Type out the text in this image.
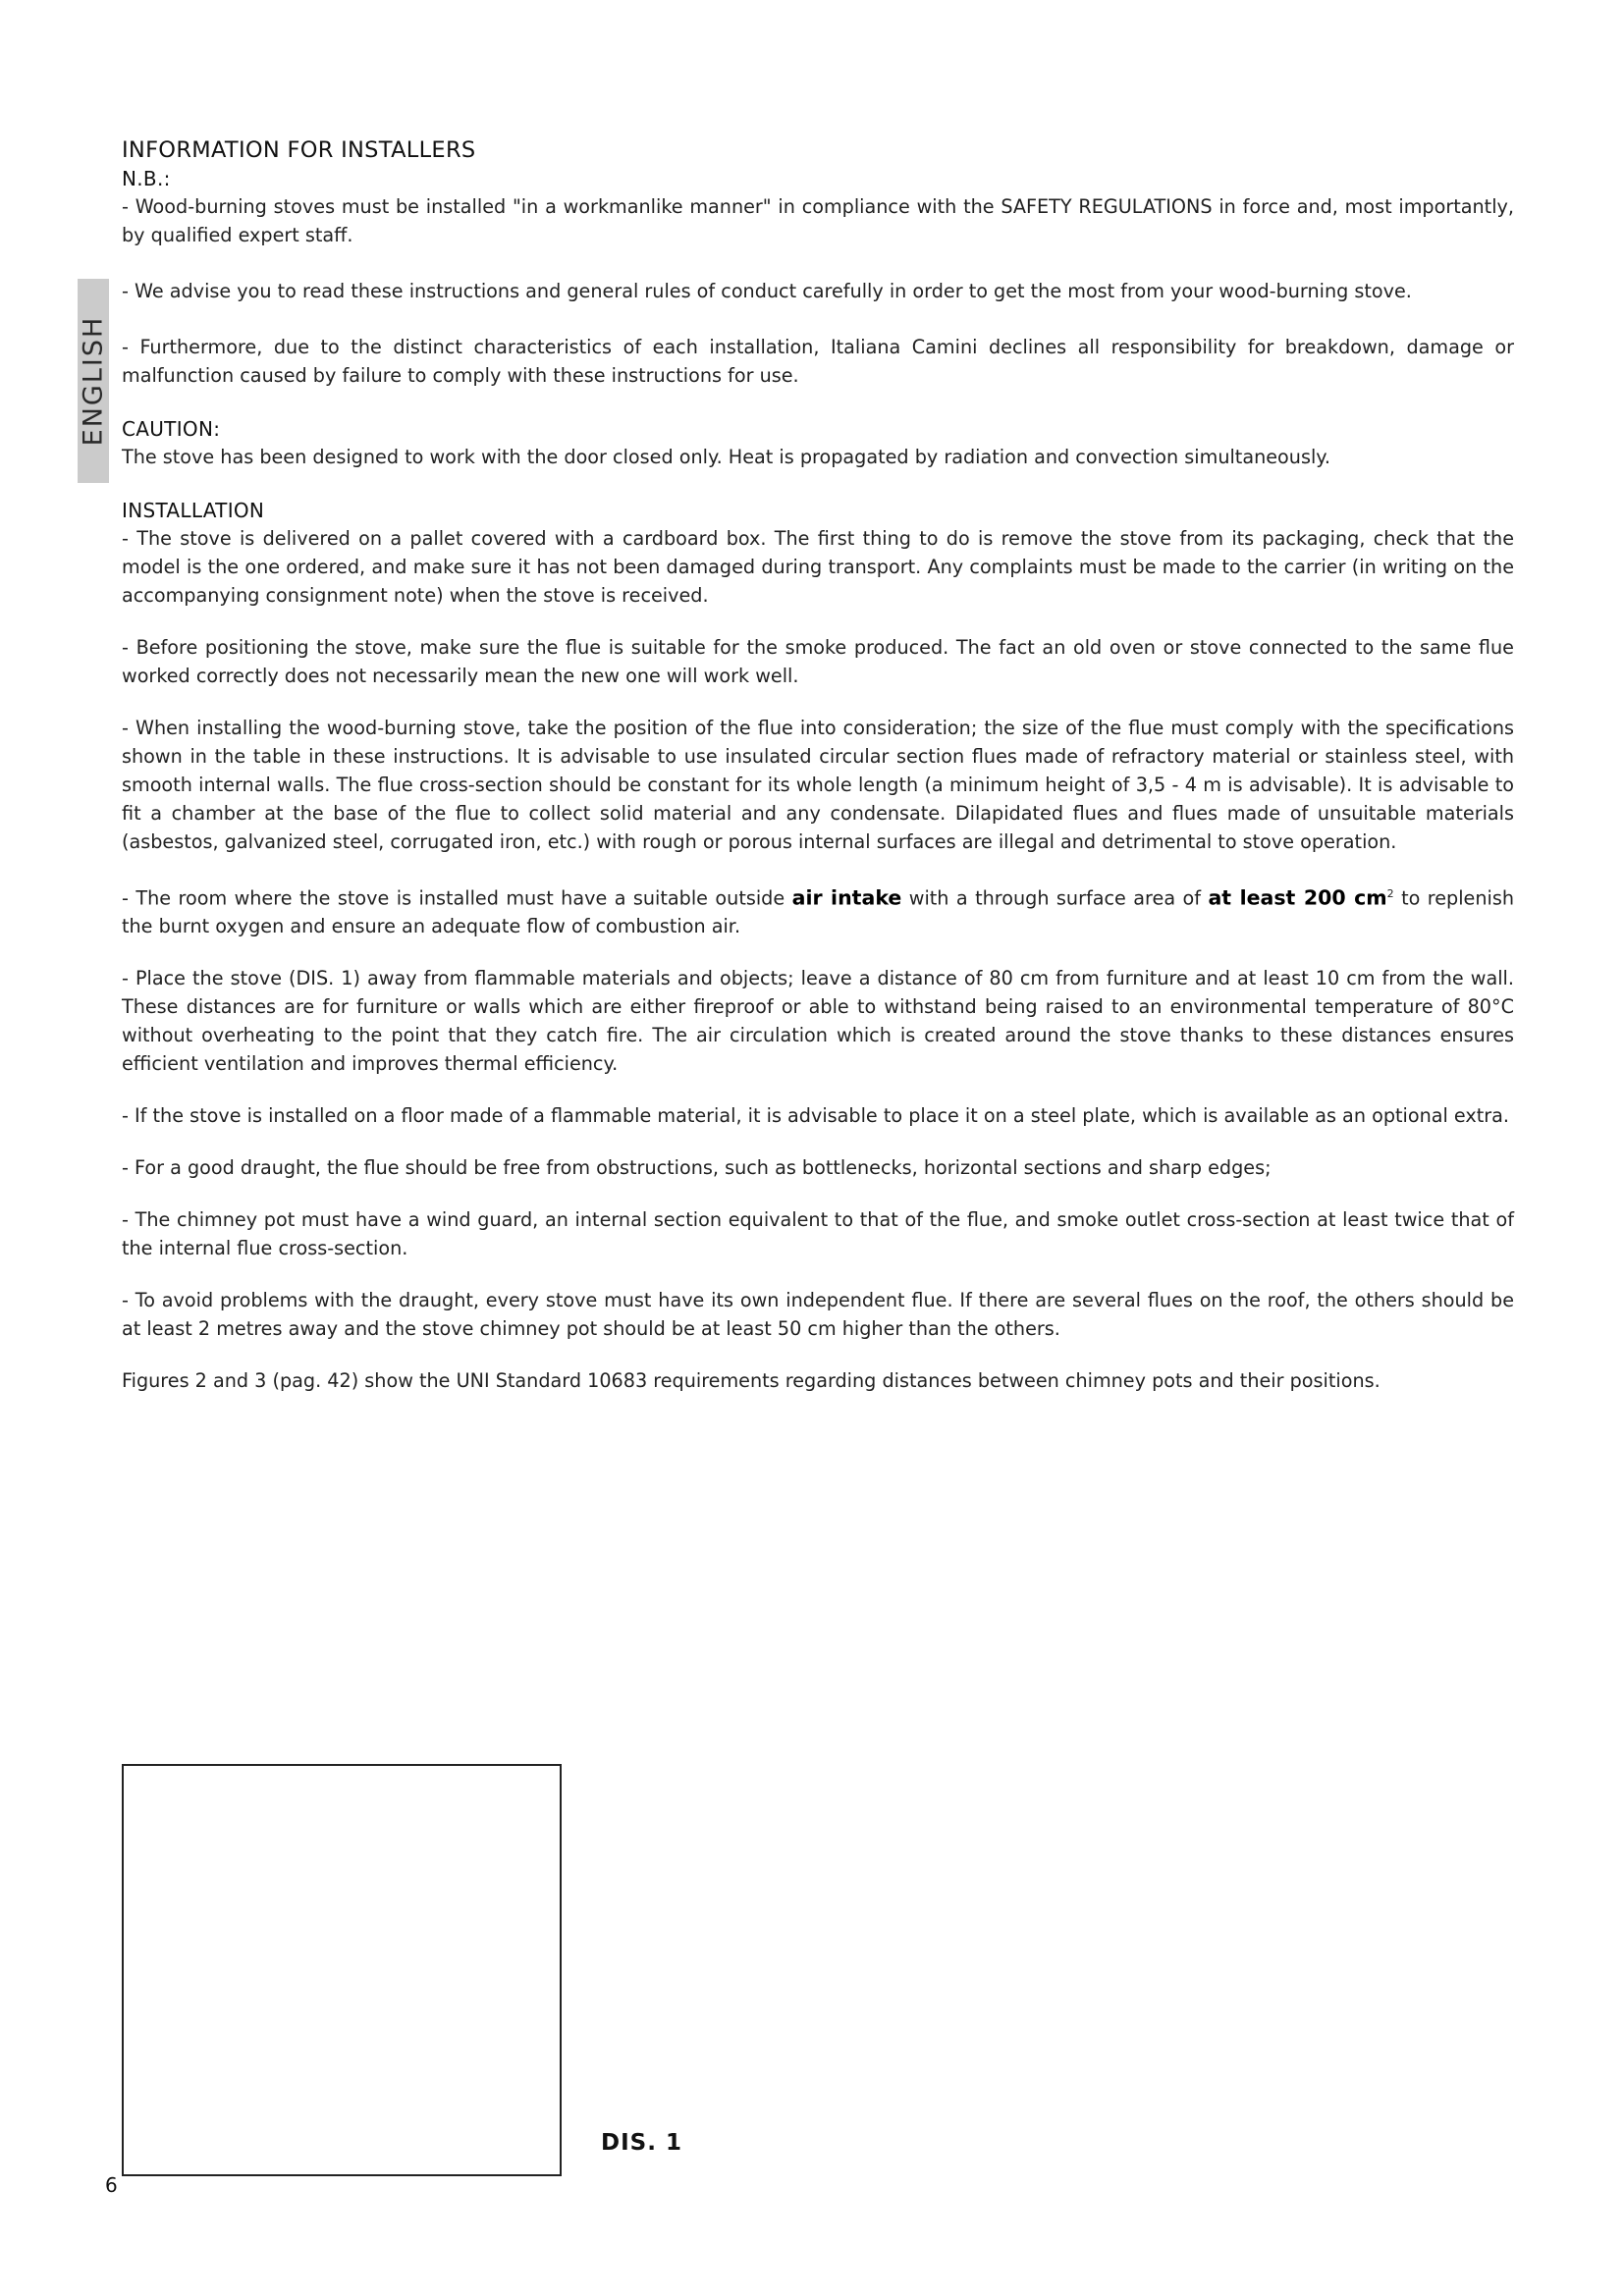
ENGLISH
INFORMATION FOR INSTALLERS
N.B.:

- Wood-burning stoves must be installed "in a workmanlike manner" in compliance with the SAFETY REGULATIONS in force and, most importantly, by qualified expert staff.

- We advise you to read these instructions and general rules of conduct carefully in order to get the most from your wood-burning stove.

- Furthermore, due to the distinct characteristics of each installation, Italiana Camini declines all responsibility for breakdown, damage or malfunction caused by failure to comply with these instructions for use.

CAUTION:

The stove has been designed to work with the door closed only. Heat is propagated by radiation and convection simultaneously.

INSTALLATION

- The stove is delivered on a pallet covered with a cardboard box. The first thing to do is remove the stove from its packaging, check that the model is the one ordered, and make sure it has not been damaged during transport. Any complaints must be made to the carrier (in writing on the accompanying consignment note) when the stove is received.

- Before positioning the stove, make sure the flue is suitable for the smoke produced. The fact an old oven or stove connected to the same flue worked correctly does not necessarily mean the new one will work well.

- When installing the wood-burning stove, take the position of the flue into consideration; the size of the flue must comply with the specifications shown in the table in these instructions. It is advisable to use insulated circular section flues made of refractory material or stainless steel, with smooth internal walls. The flue cross-section should be constant for its whole length (a minimum height of 3,5 - 4 m is advisable). It is advisable to fit a chamber at the base of the flue to collect solid material and any condensate. Dilapidated flues and flues made of unsuitable materials (asbestos, galvanized steel, corrugated iron, etc.) with rough or porous internal surfaces are illegal and detrimental to stove operation.

- The room where the stove is installed must have a suitable outside air intake with a through surface area of at least 200 $cm^2$ to replenish the burnt oxygen and ensure an adequate flow of combustion air.

- Place the stove (DIS. 1) away from flammable materials and objects; leave a distance of 80 cm from furniture and at least 10 cm from the wall. These distances are for furniture or walls which are either fireproof or able to withstand being raised to an environmental temperature of 80°C without overheating to the point that they catch fire. The air circulation which is created around the stove thanks to these distances ensures efficient ventilation and improves thermal efficiency.

- If the stove is installed on a floor made of a flammable material, it is advisable to place it on a steel plate, which is available as an optional extra.

- For a good draught, the flue should be free from obstructions, such as bottlenecks, horizontal sections and sharp edges;

- The chimney pot must have a wind guard, an internal section equivalent to that of the flue, and smoke outlet cross-section at least twice that of the internal flue cross-section.

- To avoid problems with the draught, every stove must have its own independent flue. If there are several flues on the roof, the others should be at least 2 metres away and the stove chimney pot should be at least 50 cm higher than the others.

Figures 2 and 3 (pag. 42) show the UNI Standard 10683 requirements regarding distances between chimney pots and their positions.

DIS. 1
6
